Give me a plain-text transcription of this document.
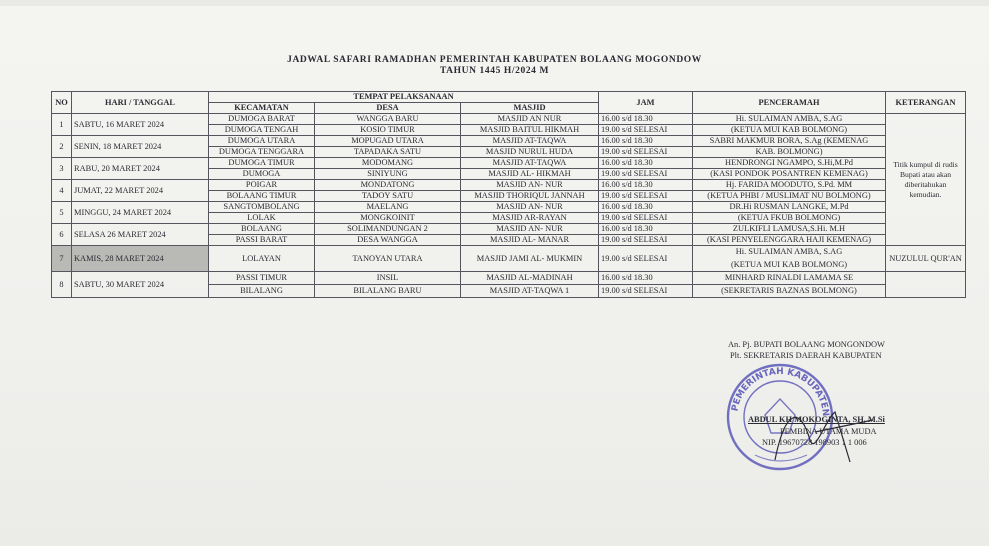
JADWAL SAFARI RAMADHAN PEMERINTAH KABUPATEN BOLAANG MOGONDOW
TAHUN 1445 H/2024 M
NO	HARI / TANGGAL	TEMPAT PELAKSANAAN			JAM	PENCERAMAH	KETERANGAN
		KECAMATAN	DESA	MASJID			
1	SABTU, 16 MARET 2024	DUMOGA BARAT	WANGGA BARU	MASJID AN NUR	16.00 s/d 18.30	Hi. SULAIMAN AMBA, S.AG	Titik kumpul di rudis Bupati atau akan diberitahukan kemudian.
		DUMOGA TENGAH	KOSIO TIMUR	MASJID BAITUL HIKMAH	19.00 s/d SELESAI	(KETUA MUI KAB BOLMONG)	
2	SENIN, 18 MARET 2024	DUMOGA UTARA	MOPUGAD UTARA	MASJID AT-TAQWA	16.00 s/d 18.30	SABRI MAKMUR BORA, S.Ag (KEMENAG	
		DUMOGA TENGGARA	TAPADAKA SATU	MASJID NURUL HUDA	19.00 s/d SELESAI	KAB. BOLMONG)	
3	RABU, 20 MARET 2024	DUMOGA TIMUR	MODOMANG	MASJID AT-TAQWA	16.00 s/d 18.30	HENDRONGI NGAMPO, S.Hi,M.Pd	
		DUMOGA	SINIYUNG	MASJID AL- HIKMAH	19.00 s/d SELESAI	(KASI PONDOK POSANTREN KEMENAG)	
4	JUMAT, 22 MARET 2024	POIGAR	MONDATONG	MASJID AN- NUR	16.00 s/d 18.30	Hj. FARIDA MOODUTO, S.Pd. MM	
		BOLAANG TIMUR	TADOY SATU	MASJID THORIQUL JANNAH	19.00 s/d SELESAI	(KETUA PHBI / MUSLIMAT NU BOLMONG)	
5	MINGGU, 24 MARET 2024	SANGTOMBOLANG	MAELANG	MASJID AN- NUR	16.00 s/d 18.30	DR.Hi RUSMAN LANGKE, M.Pd	
		LOLAK	MONGKOINIT	MASJID AR-RAYAN	19.00 s/d SELESAI	(KETUA FKUB BOLMONG)	
6	SELASA 26 MARET 2024	BOLAANG	SOLIMANDUNGAN 2	MASJID AN- NUR	16.00 s/d 18.30	ZULKIFLI LAMUSA,S.Hi. M.H	
		PASSI BARAT	DESA WANGGA	MASJID AL- MANAR	19.00 s/d SELESAI	(KASI PENYELENGGARA HAJI KEMENAG)	
7	KAMIS, 28 MARET 2024	LOLAYAN	TANOYAN UTARA	MASJID JAMI AL- MUKMIN	19.00 s/d SELESAI	Hi. SULAIMAN AMBA, S.AG	NUZULUL QUR'AN
						(KETUA MUI KAB BOLMONG)	
8	SABTU, 30 MARET 2024	PASSI TIMUR	INSIL	MASJID AL-MADINAH	16.00 s/d 18.30	MINHARD RINALDI LAMAMA SE	
		BILALANG	BILALANG BARU	MASJID AT-TAQWA 1	19.00 s/d SELESAI	(SEKRETARIS BAZNAS BOLMONG)	
An. Pj. BUPATI BOLAANG MONGONDOW
Plt. SEKRETARIS DAERAH KABUPATEN
PEMERINTAH KABUPATEN
ABDUL KH MOKOGINTA, SH, M.Si
PEMBINA UTAMA MUDA
NIP. 19670728 198903 1 1 006
